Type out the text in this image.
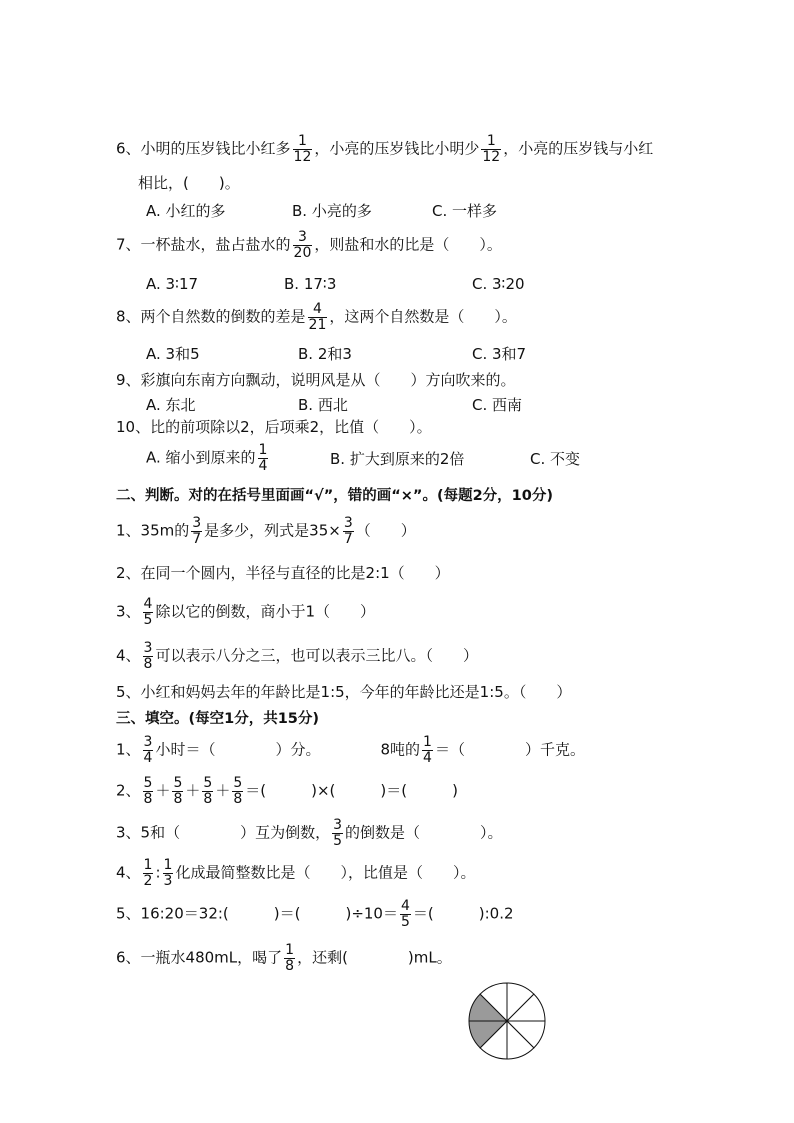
6、小明的压岁钱比小红多 $\frac{1}{12}$ ，小亮的压岁钱比小明少 $\frac{1}{12}$ ，小亮的压岁钱与小红
相比，(　　)。
A. 小红的多	B. 小亮的多	C. 一样多
7、一杯盐水，盐占盐水的 $\frac{3}{20}$ ，则盐和水的比是（　　）。
A. 3∶17	B. 17∶3	C. 3∶20
8、两个自然数的倒数的差是 $\frac{4}{21}$ ，这两个自然数是（　　）。
A. 3和5	B. 2和3	C. 3和7
9、彩旗向东南方向飘动，说明风是从（　　）方向吹来的。
A. 东北	B. 西北	C. 西南
10、比的前项除以2，后项乘2，比值（　　）。
A. 缩小到原来的 $\frac{1}{4}$	B. 扩大到原来的2倍	C. 不变
二、判断。对的在括号里面画“√”，错的画“×”。(每题2分，10分)
1、35m的 $\frac{3}{7}$ 是多少，列式是$35\times \frac{3}{7}$ （　　）
2、在同一个圆内，半径与直径的比是2:1（　　）
3、 $\frac{4}{5}$ 除以它的倒数，商小于1（　　）
4、 $\frac{3}{8}$ 可以表示八分之三，也可以表示三比八。（　　）
5、小红和妈妈去年的年龄比是1:5，今年的年龄比还是1:5。（　　）
三、填空。(每空1分，共15分)
1、 $\frac{3}{4}$ 小时＝（　　　　）分。	8吨的 $\frac{1}{4}$ ＝（　　　　）千克。
2、 $\frac{5}{8} + \frac{5}{8} + \frac{5}{8} + \frac{5}{8}$ ＝(　　　)×(　　　)＝(　　　)
3、5和（　　　　）互为倒数， $\frac{3}{5}$ 的倒数是（　　　　）。
4、 $\frac{1}{2}$ : $\frac{1}{3}$ 化成最简整数比是（　　），比值是（　　）。
5、16:20＝32:(　　　)＝(　　　)$\div 10= \frac{4}{5}$ ＝(　　　):0.2
6、一瓶水480mL，喝了 $\frac{1}{8}$ ，还剩(　　　　)mL。
